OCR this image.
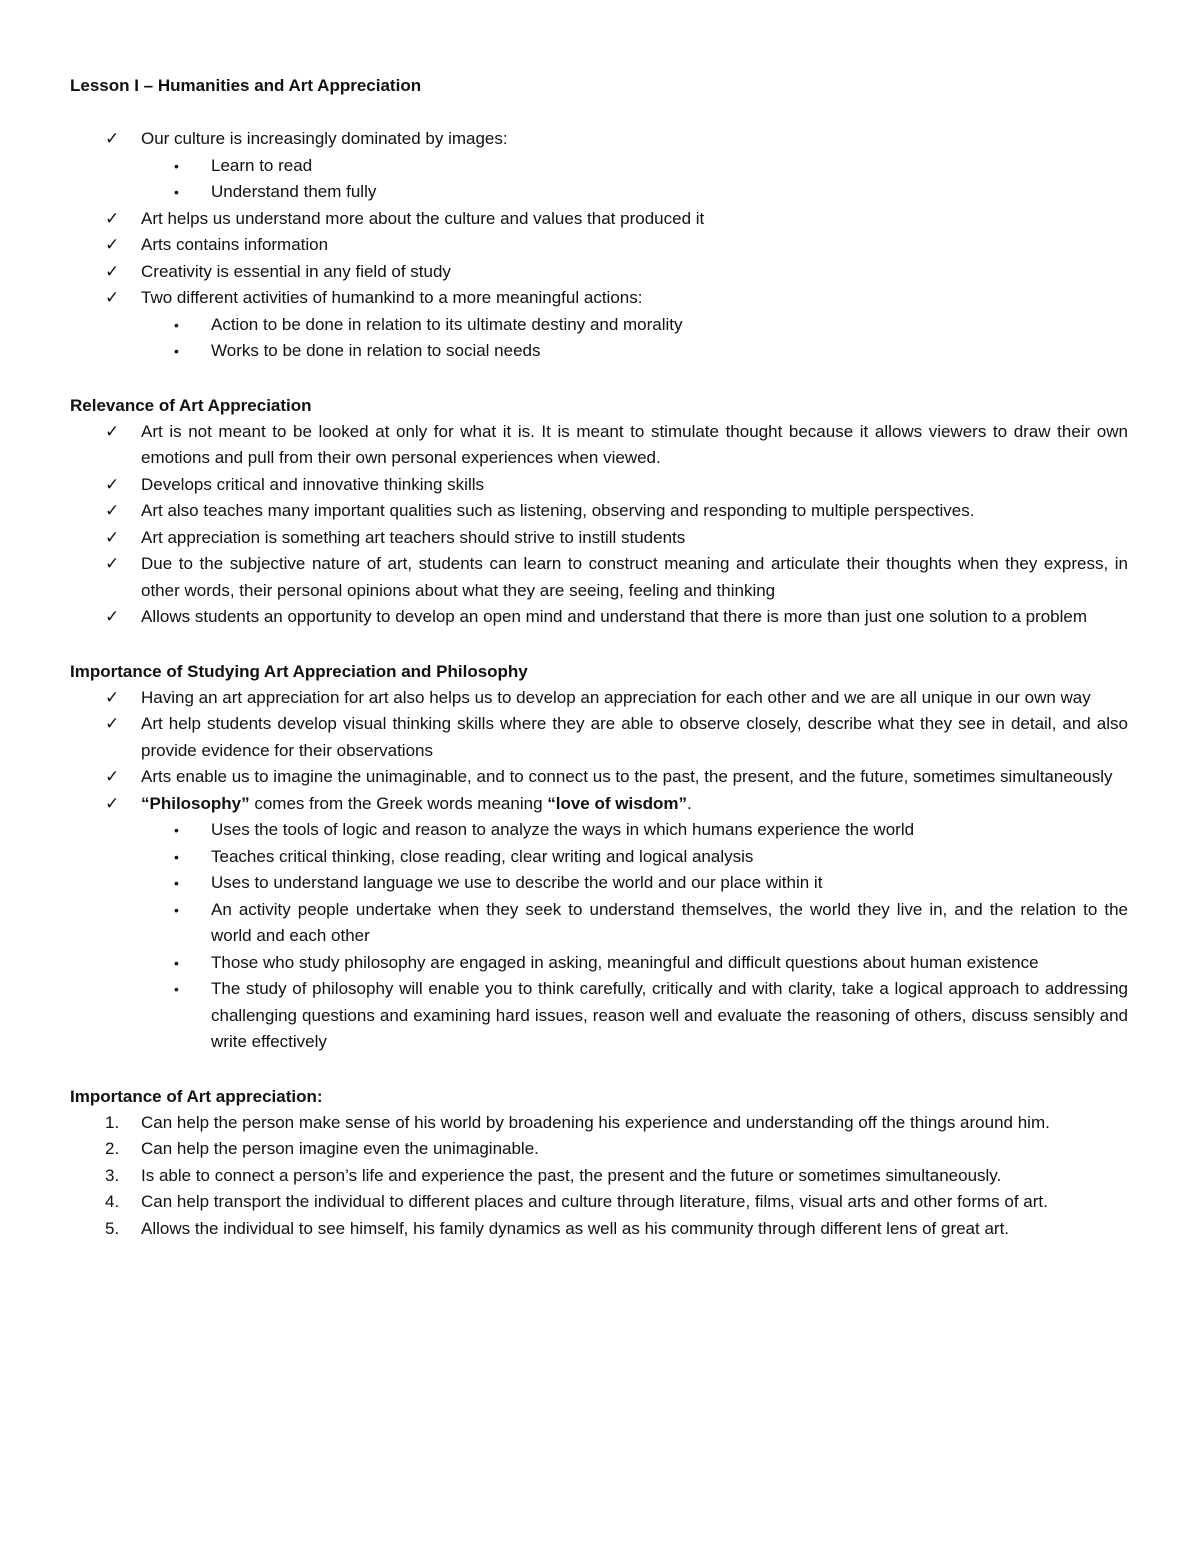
Lesson I – Humanities and Art Appreciation
✓ Our culture is increasingly dominated by images:
• Learn to read
• Understand them fully
✓ Art helps us understand more about the culture and values that produced it
✓ Arts contains information
✓ Creativity is essential in any field of study
✓ Two different activities of humankind to a more meaningful actions:
• Action to be done in relation to its ultimate destiny and morality
• Works to be done in relation to social needs
Relevance of Art Appreciation
✓ Art is not meant to be looked at only for what it is. It is meant to stimulate thought because it allows viewers to draw their own emotions and pull from their own personal experiences when viewed.
✓ Develops critical and innovative thinking skills
✓ Art also teaches many important qualities such as listening, observing and responding to multiple perspectives.
✓ Art appreciation is something art teachers should strive to instill students
✓ Due to the subjective nature of art, students can learn to construct meaning and articulate their thoughts when they express, in other words, their personal opinions about what they are seeing, feeling and thinking
✓ Allows students an opportunity to develop an open mind and understand that there is more than just one solution to a problem
Importance of Studying Art Appreciation and Philosophy
✓ Having an art appreciation for art also helps us to develop an appreciation for each other and we are all unique in our own way
✓ Art help students develop visual thinking skills where they are able to observe closely, describe what they see in detail, and also provide evidence for their observations
✓ Arts enable us to imagine the unimaginable, and to connect us to the past, the present, and the future, sometimes simultaneously
✓ “Philosophy” comes from the Greek words meaning “love of wisdom”.
• Uses the tools of logic and reason to analyze the ways in which humans experience the world
• Teaches critical thinking, close reading, clear writing and logical analysis
• Uses to understand language we use to describe the world and our place within it
• An activity people undertake when they seek to understand themselves, the world they live in, and the relation to the world and each other
• Those who study philosophy are engaged in asking, meaningful and difficult questions about human existence
• The study of philosophy will enable you to think carefully, critically and with clarity, take a logical approach to addressing challenging questions and examining hard issues, reason well and evaluate the reasoning of others, discuss sensibly and write effectively
Importance of Art appreciation:
1. Can help the person make sense of his world by broadening his experience and understanding off the things around him.
2. Can help the person imagine even the unimaginable.
3. Is able to connect a person’s life and experience the past, the present and the future or sometimes simultaneously.
4. Can help transport the individual to different places and culture through literature, films, visual arts and other forms of art.
5. Allows the individual to see himself, his family dynamics as well as his community through different lens of great art.
